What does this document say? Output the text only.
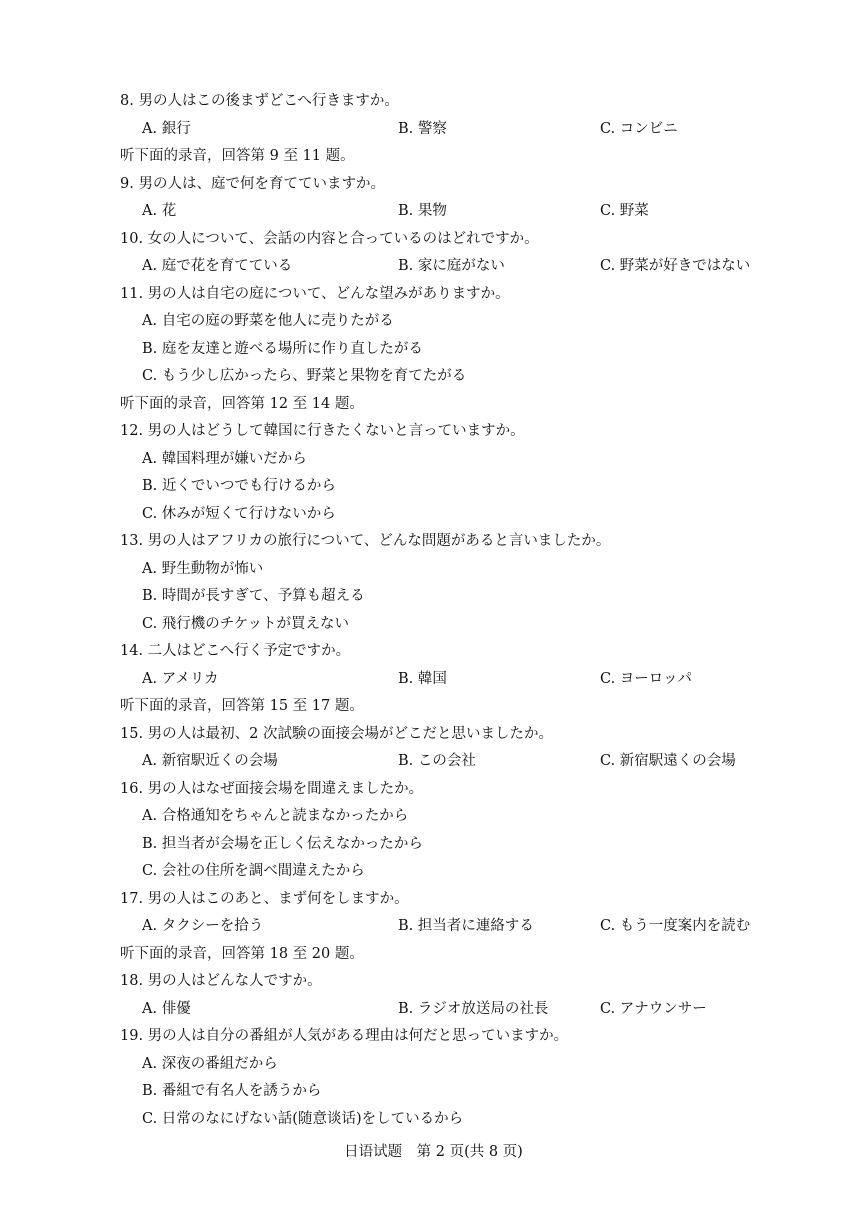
8. 男の人はこの後まずどこへ行きますか。
A. 銀行	B. 警察	C. コンビニ
听下面的录音，回答第 9 至 11 题。
9. 男の人は、庭で何を育てていますか。
A. 花	B. 果物	C. 野菜
10. 女の人について、会話の内容と合っているのはどれですか。
A. 庭で花を育てている	B. 家に庭がない	C. 野菜が好きではない
11. 男の人は自宅の庭について、どんな望みがありますか。
A. 自宅の庭の野菜を他人に売りたがる
B. 庭を友達と遊べる場所に作り直したがる
C. もう少し広かったら、野菜と果物を育てたがる
听下面的录音，回答第 12 至 14 题。
12. 男の人はどうして韓国に行きたくないと言っていますか。
A. 韓国料理が嫌いだから
B. 近くでいつでも行けるから
C. 休みが短くて行けないから
13. 男の人はアフリカの旅行について、どんな問題があると言いましたか。
A. 野生動物が怖い
B. 時間が長すぎて、予算も超える
C. 飛行機のチケットが買えない
14. 二人はどこへ行く予定ですか。
A. アメリカ	B. 韓国	C. ヨーロッパ
听下面的录音，回答第 15 至 17 题。
15. 男の人は最初、2 次試験の面接会場がどこだと思いましたか。
A. 新宿駅近くの会場	B. この会社	C. 新宿駅遠くの会場
16. 男の人はなぜ面接会場を間違えましたか。
A. 合格通知をちゃんと読まなかったから
B. 担当者が会場を正しく伝えなかったから
C. 会社の住所を調べ間違えたから
17. 男の人はこのあと、まず何をしますか。
A. タクシーを拾う	B. 担当者に連絡する	C. もう一度案内を読む
听下面的录音，回答第 18 至 20 题。
18. 男の人はどんな人ですか。
A. 俳優	B. ラジオ放送局の社長	C. アナウンサー
19. 男の人は自分の番組が人気がある理由は何だと思っていますか。
A. 深夜の番組だから
B. 番組で有名人を誘うから
C. 日常のなにげない話(随意谈话)をしているから
日语试题　第 2 页(共 8 页)
